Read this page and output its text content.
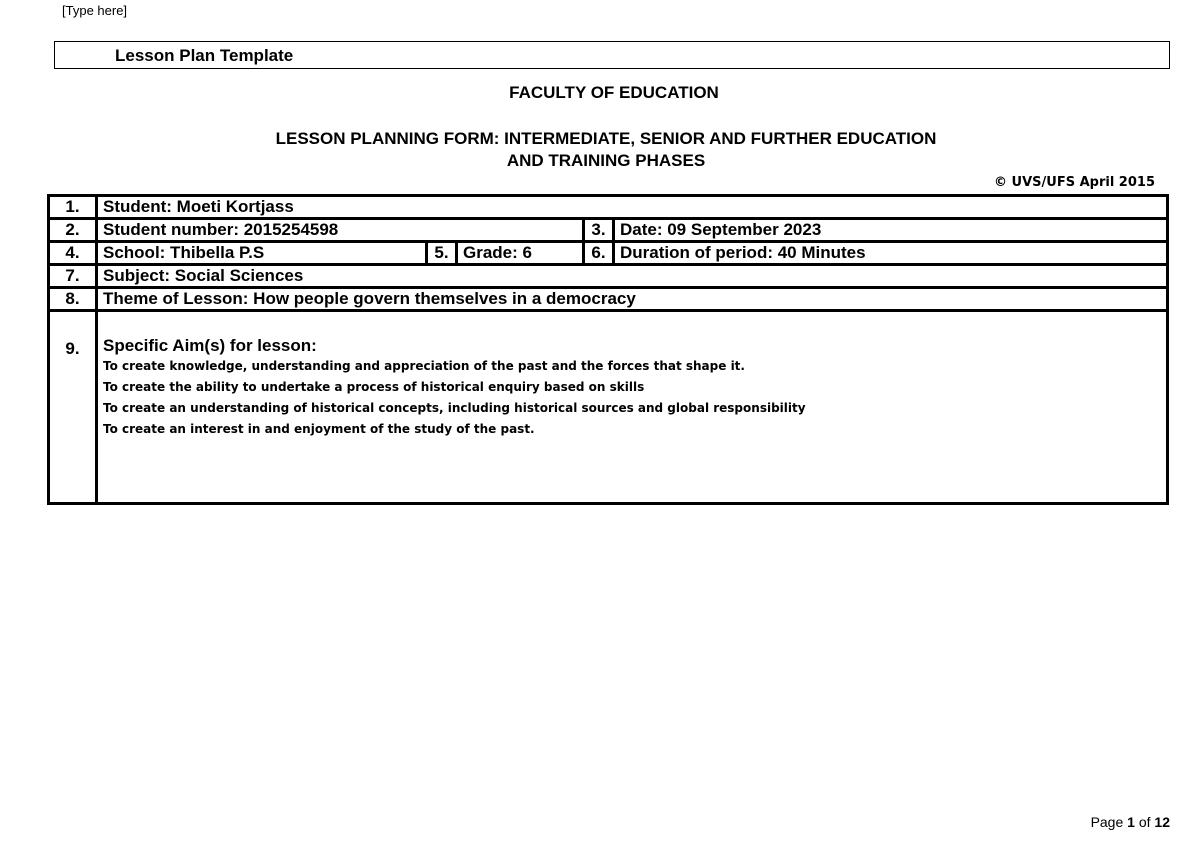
[Type here]
Lesson Plan Template
FACULTY OF EDUCATION
LESSON PLANNING FORM: INTERMEDIATE, SENIOR AND FURTHER EDUCATION
AND TRAINING PHASES
© UVS/UFS April 2015
1.	Student: Moeti Kortjass				
2.	Student number: 2015254598			3.	Date: 09 September 2023
4.	School: Thibella P.S	5.	Grade: 6	6.	Duration of period: 40 Minutes
7.	Subject: Social Sciences				
8.	Theme of Lesson: How people govern themselves in a democracy				
9.	Specific Aim(s) for lesson:
To create knowledge, understanding and appreciation of the past and the forces that shape it.
To create the ability to undertake a process of historical enquiry based on skills
To create an understanding of historical concepts, including historical sources and global responsibility
To create an interest in and enjoyment of the study of the past.				
Page 1 of 12
